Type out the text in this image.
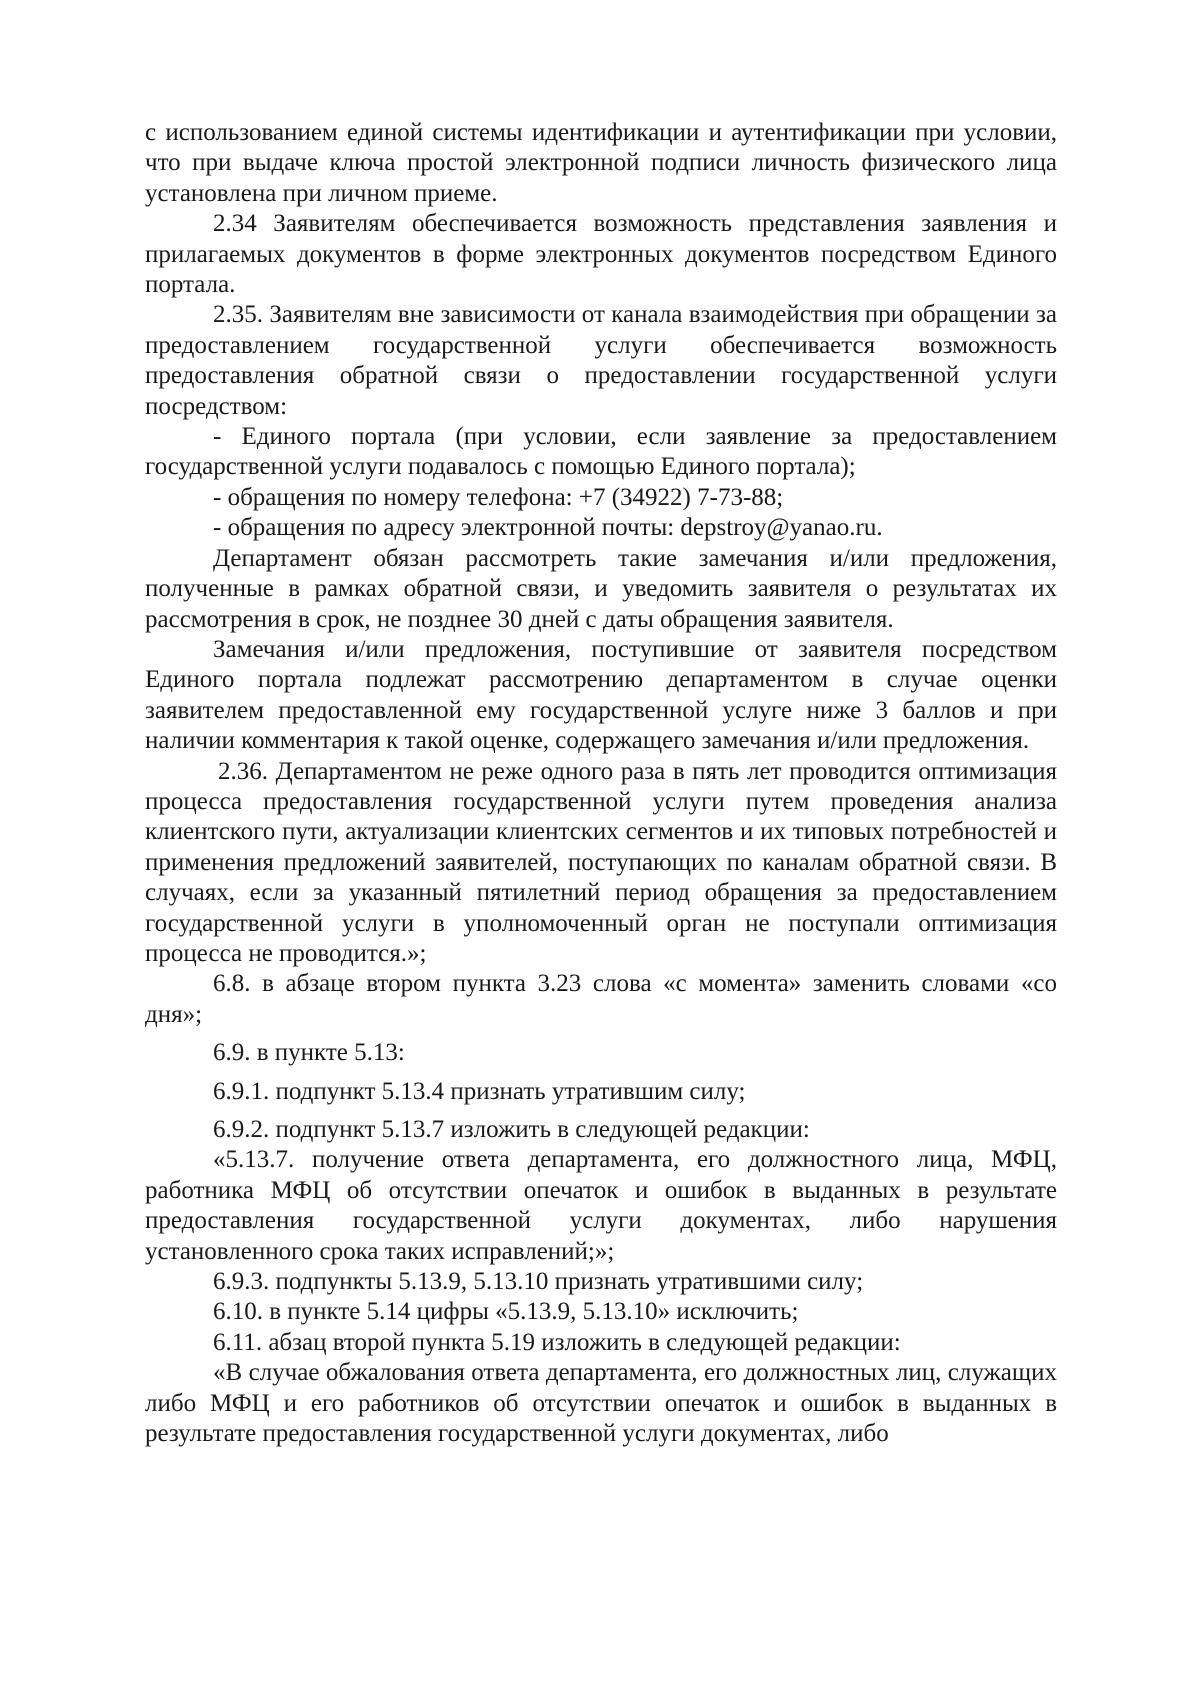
с использованием единой системы идентификации и аутентификации при условии, что при выдаче ключа простой электронной подписи личность физического лица установлена при личном приеме.

2.34 Заявителям обеспечивается возможность представления заявления и прилагаемых документов в форме электронных документов посредством Единого портала.

2.35. Заявителям вне зависимости от канала взаимодействия при обращении за предоставлением государственной услуги обеспечивается возможность предоставления обратной связи о предоставлении государственной услуги посредством:

- Единого портала (при условии, если заявление за предоставлением государственной услуги подавалось с помощью Единого портала);

- обращения по номеру телефона: +7 (34922) 7-73-88;

- обращения по адресу электронной почты: depstroy@yanao.ru.

Департамент обязан рассмотреть такие замечания и/или предложения, полученные в рамках обратной связи, и уведомить заявителя о результатах их рассмотрения в срок, не позднее 30 дней с даты обращения заявителя.

Замечания и/или предложения, поступившие от заявителя посредством Единого портала подлежат рассмотрению департаментом в случае оценки заявителем предоставленной ему государственной услуге ниже 3 баллов и при наличии комментария к такой оценке, содержащего замечания и/или предложения.

2.36. Департаментом не реже одного раза в пять лет проводится оптимизация процесса предоставления государственной услуги путем проведения анализа клиентского пути, актуализации клиентских сегментов и их типовых потребностей и применения предложений заявителей, поступающих по каналам обратной связи. В случаях, если за указанный пятилетний период обращения за предоставлением государственной услуги в уполномоченный орган не поступали оптимизация процесса не проводится.»;

6.8. в абзаце втором пункта 3.23 слова «с момента» заменить словами «со дня»;

6.9. в пункте 5.13:

6.9.1. подпункт 5.13.4 признать утратившим силу;

6.9.2. подпункт 5.13.7 изложить в следующей редакции:

«5.13.7. получение ответа департамента, его должностного лица, МФЦ, работника МФЦ об отсутствии опечаток и ошибок в выданных в результате предоставления государственной услуги документах, либо нарушения установленного срока таких исправлений;»;

6.9.3. подпункты 5.13.9, 5.13.10 признать утратившими силу;

6.10. в пункте 5.14 цифры «5.13.9, 5.13.10» исключить;

6.11. абзац второй пункта 5.19 изложить в следующей редакции:

«В случае обжалования ответа департамента, его должностных лиц, служащих либо МФЦ и его работников об отсутствии опечаток и ошибок в выданных в результате предоставления государственной услуги документах, либо
